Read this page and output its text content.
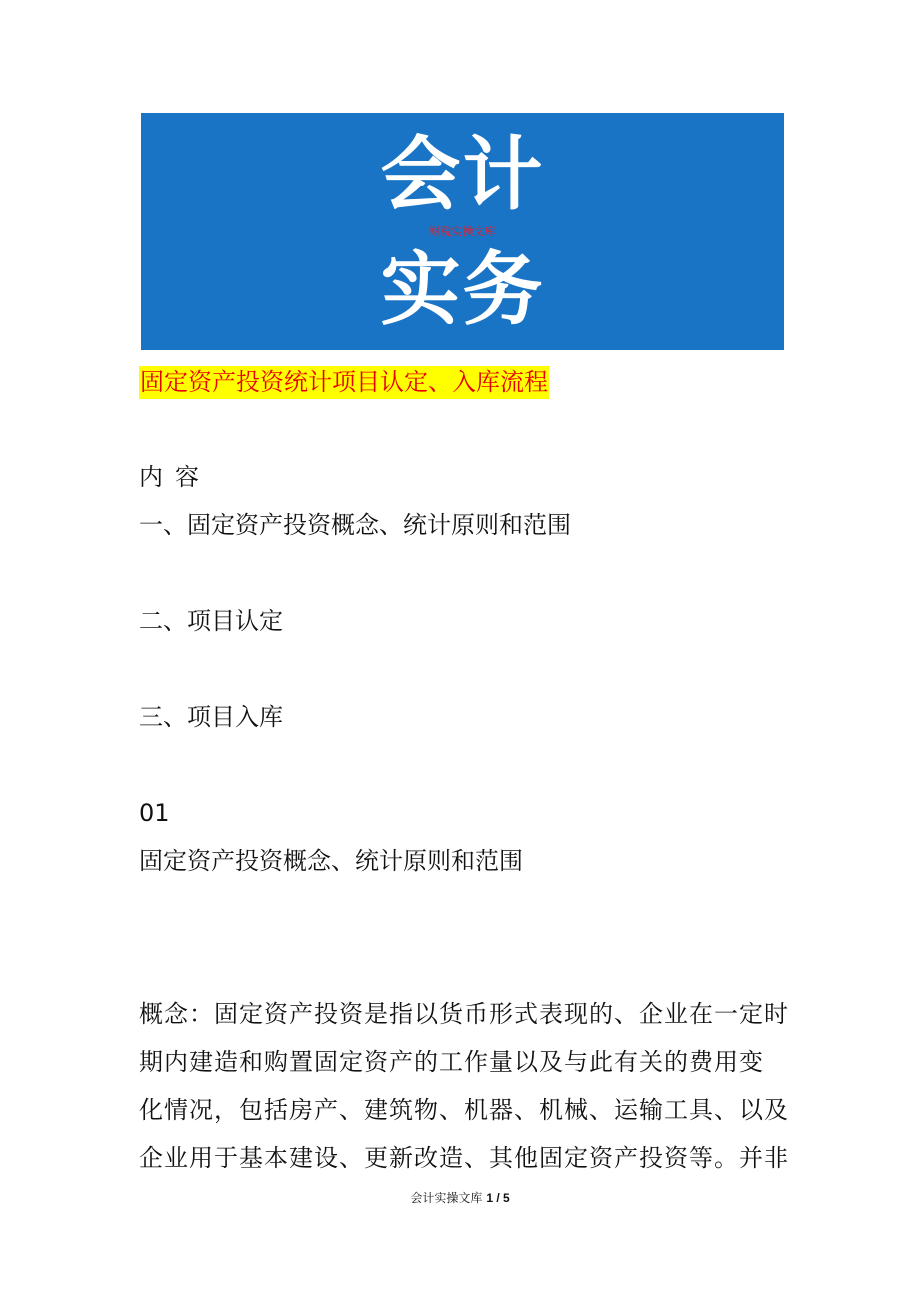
会计
财税实操文库
实务
固定资产投资统计项目认定、入库流程
内容
一、固定资产投资概念、统计原则和范围
二、项目认定
三、项目入库
01
固定资产投资概念、统计原则和范围
概念：固定资产投资是指以货币形式表现的、企业在一定时
期内建造和购置固定资产的工作量以及与此有关的费用变
化情况，包括房产、建筑物、机器、机械、运输工具、以及
企业用于基本建设、更新改造、其他固定资产投资等。并非
会计实操文库 1 / 5
